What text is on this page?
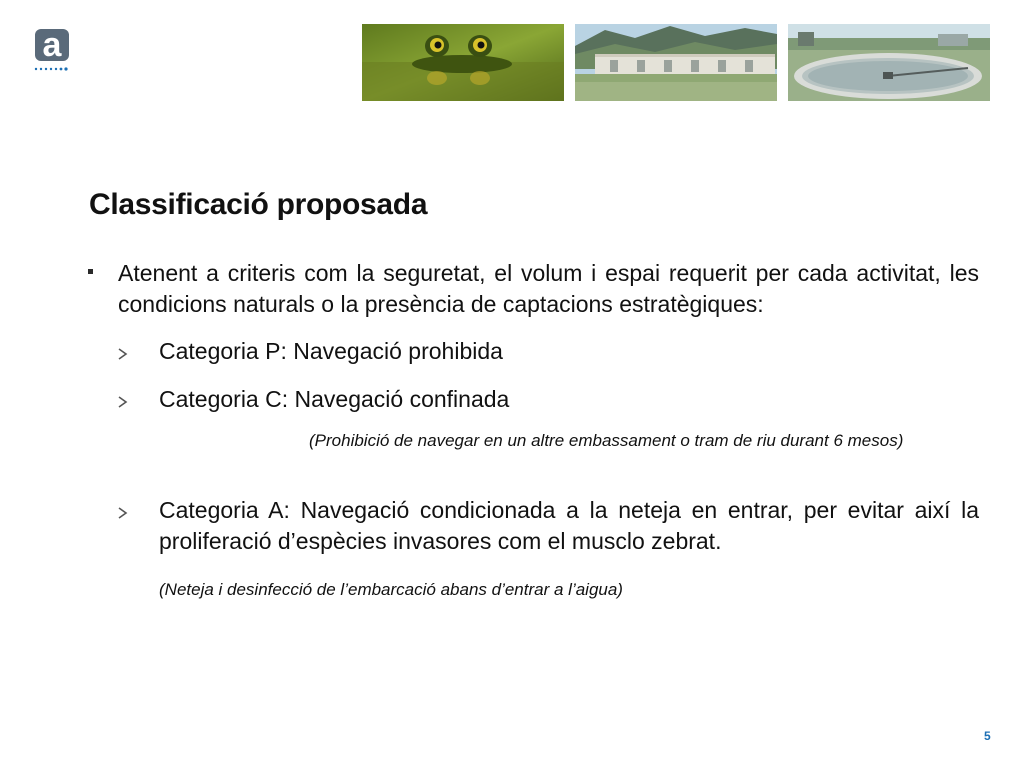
a
Classificació proposada
Atenent a criteris com la seguretat, el volum i espai requerit per cada activitat, les condicions naturals o la presència de captacions estratègiques:
Categoria P: Navegació prohibida
Categoria C: Navegació confinada
(Prohibició de navegar en un altre embassament o tram de riu durant 6 mesos)
Categoria A: Navegació condicionada a la neteja en entrar, per evitar així la proliferació d’espècies invasores com el musclo zebrat.
(Neteja i desinfecció de l’embarcació abans d’entrar a l’aigua)
5
